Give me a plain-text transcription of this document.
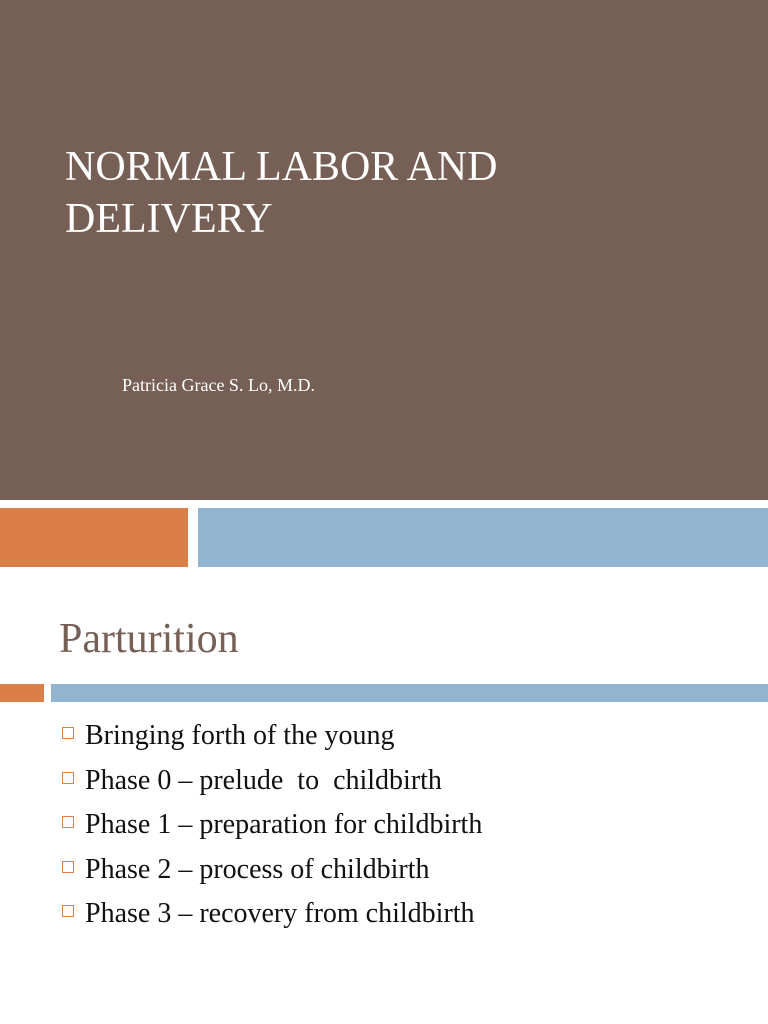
NORMAL LABOR AND
DELIVERY

Patricia Grace S. Lo, M.D.

Parturition
Bringing forth of the young
Phase 0 – prelude  to  childbirth
Phase 1 – preparation for childbirth
Phase 2 – process of childbirth
Phase 3 – recovery from childbirth
